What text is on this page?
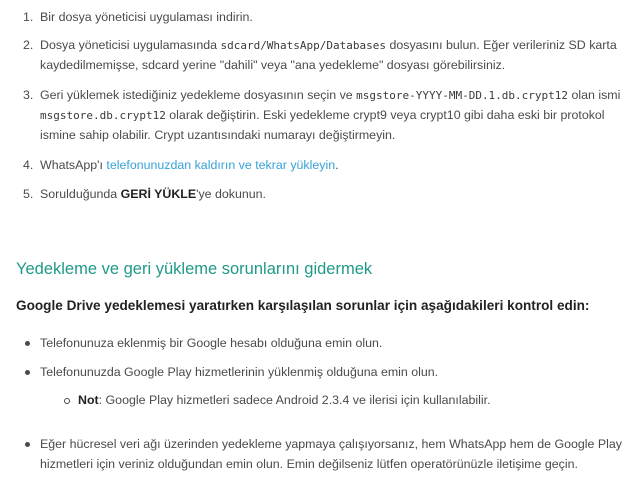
1. Bir dosya yöneticisi uygulaması indirin.
2. Dosya yöneticisi uygulamasında sdcard/WhatsApp/Databases dosyasını bulun. Eğer verileriniz SD karta
kaydedilmemişse, sdcard yerine "dahili" veya "ana yedekleme" dosyası görebilirsiniz.
3. Geri yüklemek istediğiniz yedekleme dosyasının seçin ve msgstore-YYYY-MM-DD.1.db.crypt12 olan ismi
msgstore.db.crypt12 olarak değiştirin. Eski yedekleme crypt9 veya crypt10 gibi daha eski bir protokol
ismine sahip olabilir. Crypt uzantısındaki numarayı değiştirmeyin.
4. WhatsApp'ı telefonunuzdan kaldırın ve tekrar yükleyin.
5. Sorulduğunda GERİ YÜKLE'ye dokunun.
Yedekleme ve geri yükleme sorunlarını gidermek
Google Drive yedeklemesi yaratırken karşılaşılan sorunlar için aşağıdakileri kontrol edin:
Telefonunuza eklenmiş bir Google hesabı olduğuna emin olun.
Telefonunuzda Google Play hizmetlerinin yüklenmiş olduğuna emin olun.
Not: Google Play hizmetleri sadece Android 2.3.4 ve ilerisi için kullanılabilir.
Eğer hücresel veri ağı üzerinden yedekleme yapmaya çalışıyorsanız, hem WhatsApp hem de Google Play
hizmetleri için veriniz olduğundan emin olun. Emin değilseniz lütfen operatörünüzle iletişime geçin.
